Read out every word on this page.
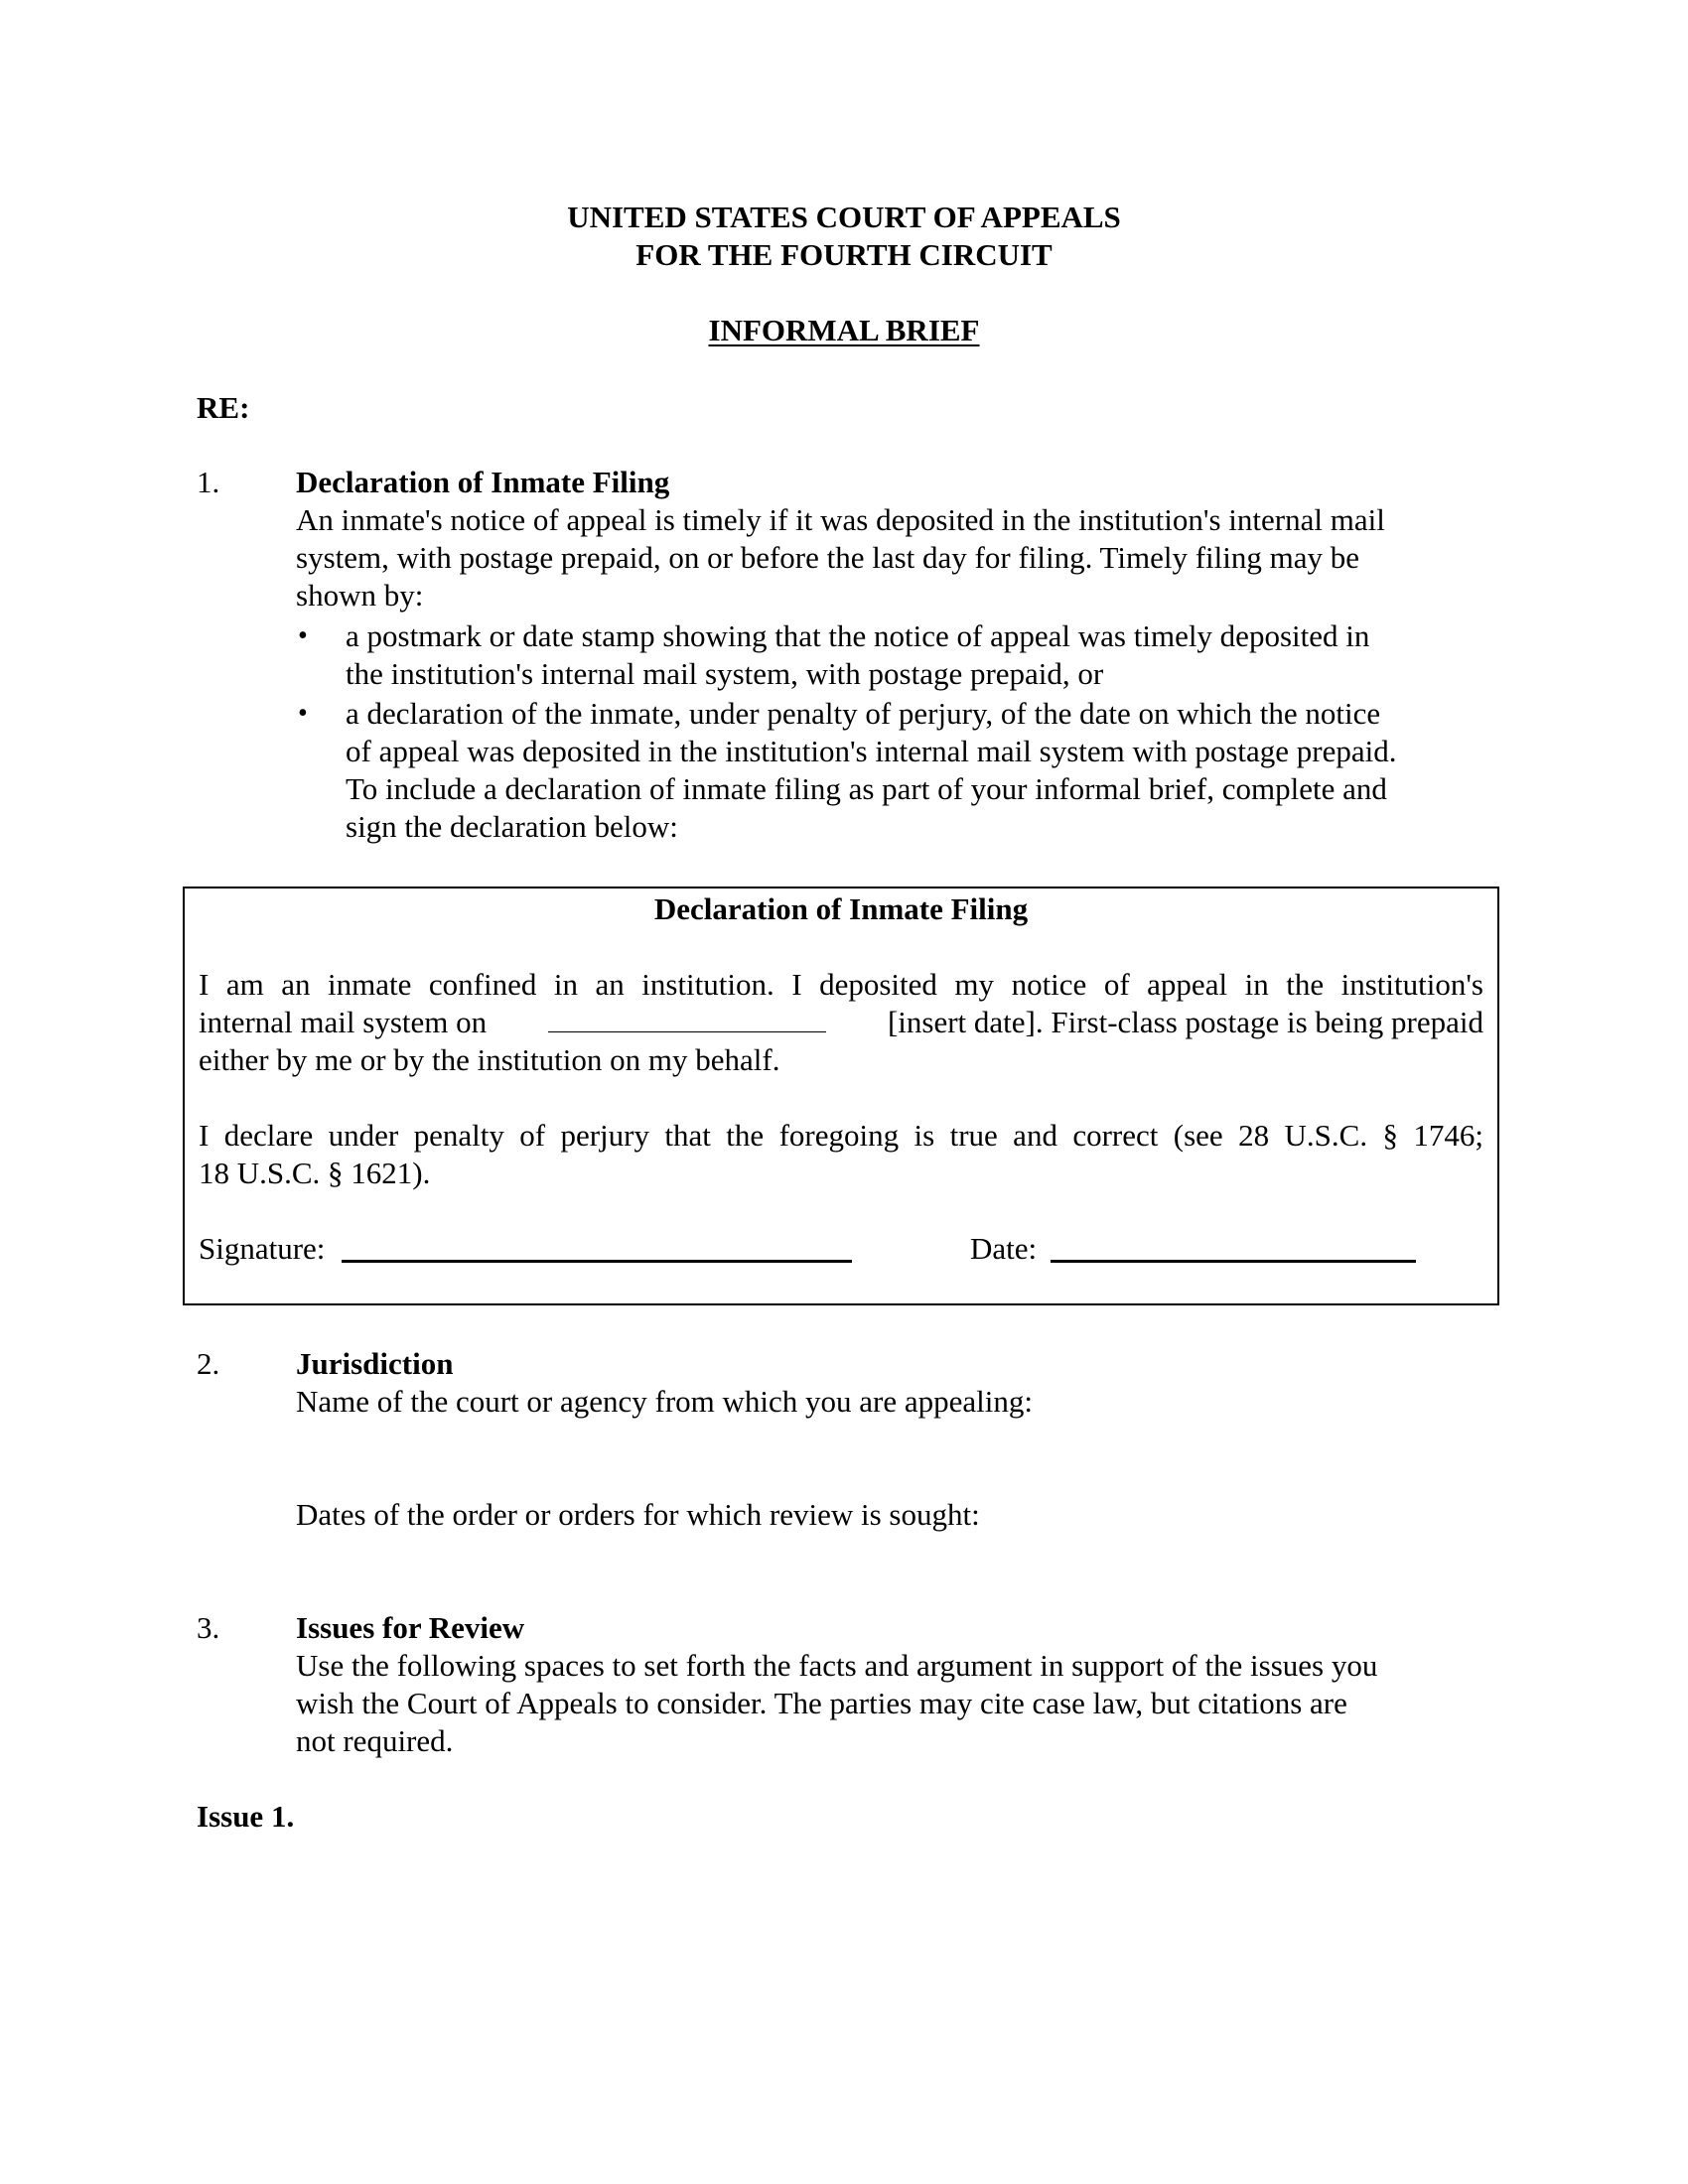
UNITED STATES COURT OF APPEALS
FOR THE FOURTH CIRCUIT
INFORMAL BRIEF
RE:
1. Declaration of Inmate Filing
An inmate's notice of appeal is timely if it was deposited in the institution's internal mail
system, with postage prepaid, on or before the last day for filing. Timely filing may be
shown by:
• a postmark or date stamp showing that the notice of appeal was timely deposited in
the institution's internal mail system, with postage prepaid, or
• a declaration of the inmate, under penalty of perjury, of the date on which the notice
of appeal was deposited in the institution's internal mail system with postage prepaid.
To include a declaration of inmate filing as part of your informal brief, complete and
sign the declaration below:
Declaration of Inmate Filing
I am an inmate confined in an institution. I deposited my notice of appeal in the institution's
internal mail system on	[insert date]. First-class postage is being prepaid
either by me or by the institution on my behalf.
I declare under penalty of perjury that the foregoing is true and correct (see 28 U.S.C. § 1746;
18 U.S.C. § 1621).
Signature:	Date:
2. Jurisdiction
Name of the court or agency from which you are appealing:
Dates of the order or orders for which review is sought:
3. Issues for Review
Use the following spaces to set forth the facts and argument in support of the issues you
wish the Court of Appeals to consider. The parties may cite case law, but citations are
not required.
Issue 1.
